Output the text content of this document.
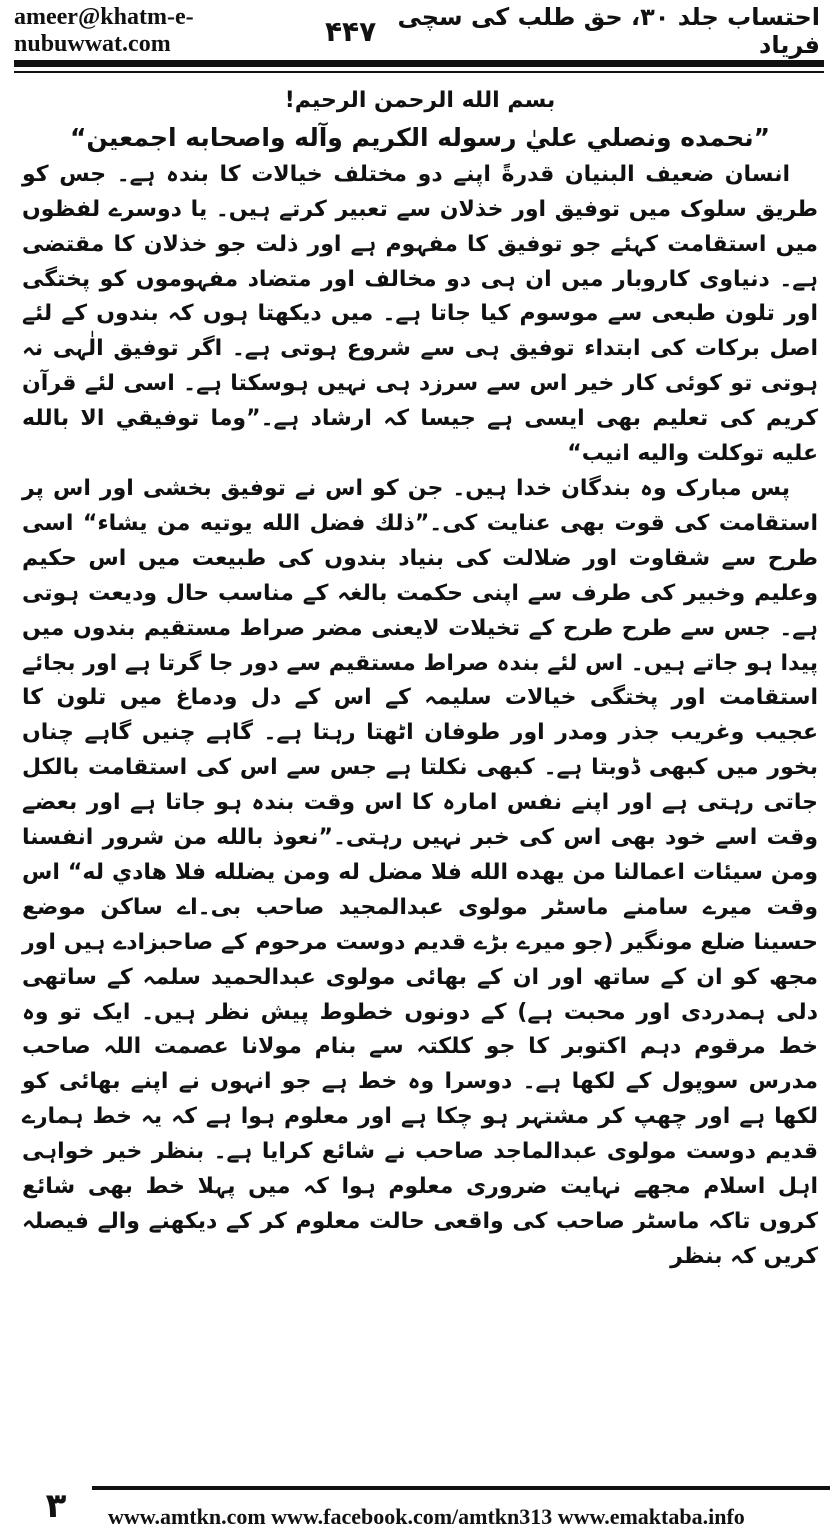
ameer@khatm-e-nubuwwat.com	۴۴۷ احتساب جلد ۳۰، حق طلب کی سچی فریاد
بسم الله الرحمن الرحيم!
”نحمده ونصلي عليٰ رسوله الكريم وآله واصحابه اجمعين“

انسان ضعیف البنیان قدرةً اپنے دو مختلف خیالات کا بندہ ہے۔ جس کو طریق سلوک میں توفیق اور خذلان سے تعبیر کرتے ہیں۔ یا دوسرے لفظوں میں استقامت کہئے جو توفیق کا مفہوم ہے اور ذلت جو خذلان کا مقتضی ہے۔ دنیاوی کاروبار میں ان ہی دو مخالف اور متضاد مفہوموں کو پختگی اور تلون طبعی سے موسوم کیا جاتا ہے۔ میں دیکھتا ہوں کہ بندوں کے لئے اصل برکات کی ابتداء توفیق ہی سے شروع ہوتی ہے۔ اگر توفیق الٰہی نہ ہوتی تو کوئی کار خیر اس سے سرزد ہی نہیں ہوسکتا ہے۔ اسی لئے قرآن کریم کی تعلیم بھی ایسی ہے جیسا کہ ارشاد ہے۔”وما توفيقي الا بالله عليه توكلت واليه انيب“

پس مبارک وہ بندگان خدا ہیں۔ جن کو اس نے توفیق بخشی اور اس پر استقامت کی قوت بھی عنایت کی۔”ذلك فضل الله يوتيه من يشاء“ اسی طرح سے شقاوت اور ضلالت کی بنیاد بندوں کی طبیعت میں اس حکیم وعلیم وخبیر کی طرف سے اپنی حکمت بالغہ کے مناسب حال ودیعت ہوتی ہے۔ جس سے طرح طرح کے تخیلات لایعنی مضر صراط مستقیم بندوں میں پیدا ہو جاتے ہیں۔ اس لئے بندہ صراط مستقیم سے دور جا گرتا ہے اور بجائے استقامت اور پختگی خیالات سلیمہ کے اس کے دل ودماغ میں تلون کا عجیب وغریب جذر ومدر اور طوفان اٹھتا رہتا ہے۔ گاہے چنیں گاہے چناں بخور میں کبھی ڈوبتا ہے۔ کبھی نکلتا ہے جس سے اس کی استقامت بالکل جاتی رہتی ہے اور اپنے نفس امارہ کا اس وقت بندہ ہو جاتا ہے اور بعضے وقت اسے خود بھی اس کی خبر نہیں رہتی۔”نعوذ بالله من شرور انفسنا ومن سيئات اعمالنا من يهده الله فلا مضل له ومن يضلله فلا هادي له“ اس وقت میرے سامنے ماسٹر مولوی عبدالمجید صاحب بی۔اے ساکن موضع حسینا ضلع مونگیر (جو میرے بڑے قدیم دوست مرحوم کے صاحبزادے ہیں اور مجھ کو ان کے ساتھ اور ان کے بھائی مولوی عبدالحمید سلمہ کے ساتھی دلی ہمدردی اور محبت ہے) کے دونوں خطوط پیش نظر ہیں۔ ایک تو وہ خط مرقوم دہم اکتوبر کا جو کلکتہ سے بنام مولانا عصمت اللہ صاحب مدرس سوپول کے لکھا ہے۔ دوسرا وہ خط ہے جو انہوں نے اپنے بھائی کو لکھا ہے اور چھپ کر مشتہر ہو چکا ہے اور معلوم ہوا ہے کہ یہ خط ہمارے قدیم دوست مولوی عبدالماجد صاحب نے شائع کرایا ہے۔ بنظر خیر خواہی اہل اسلام مجھے نہایت ضروری معلوم ہوا کہ میں پہلا خط بھی شائع کروں تاکہ ماسٹر صاحب کی واقعی حالت معلوم کر کے دیکھنے والے فیصلہ کریں کہ بنظر

۳	www.amtkn.com www.facebook.com/amtkn313 www.emaktaba.info
